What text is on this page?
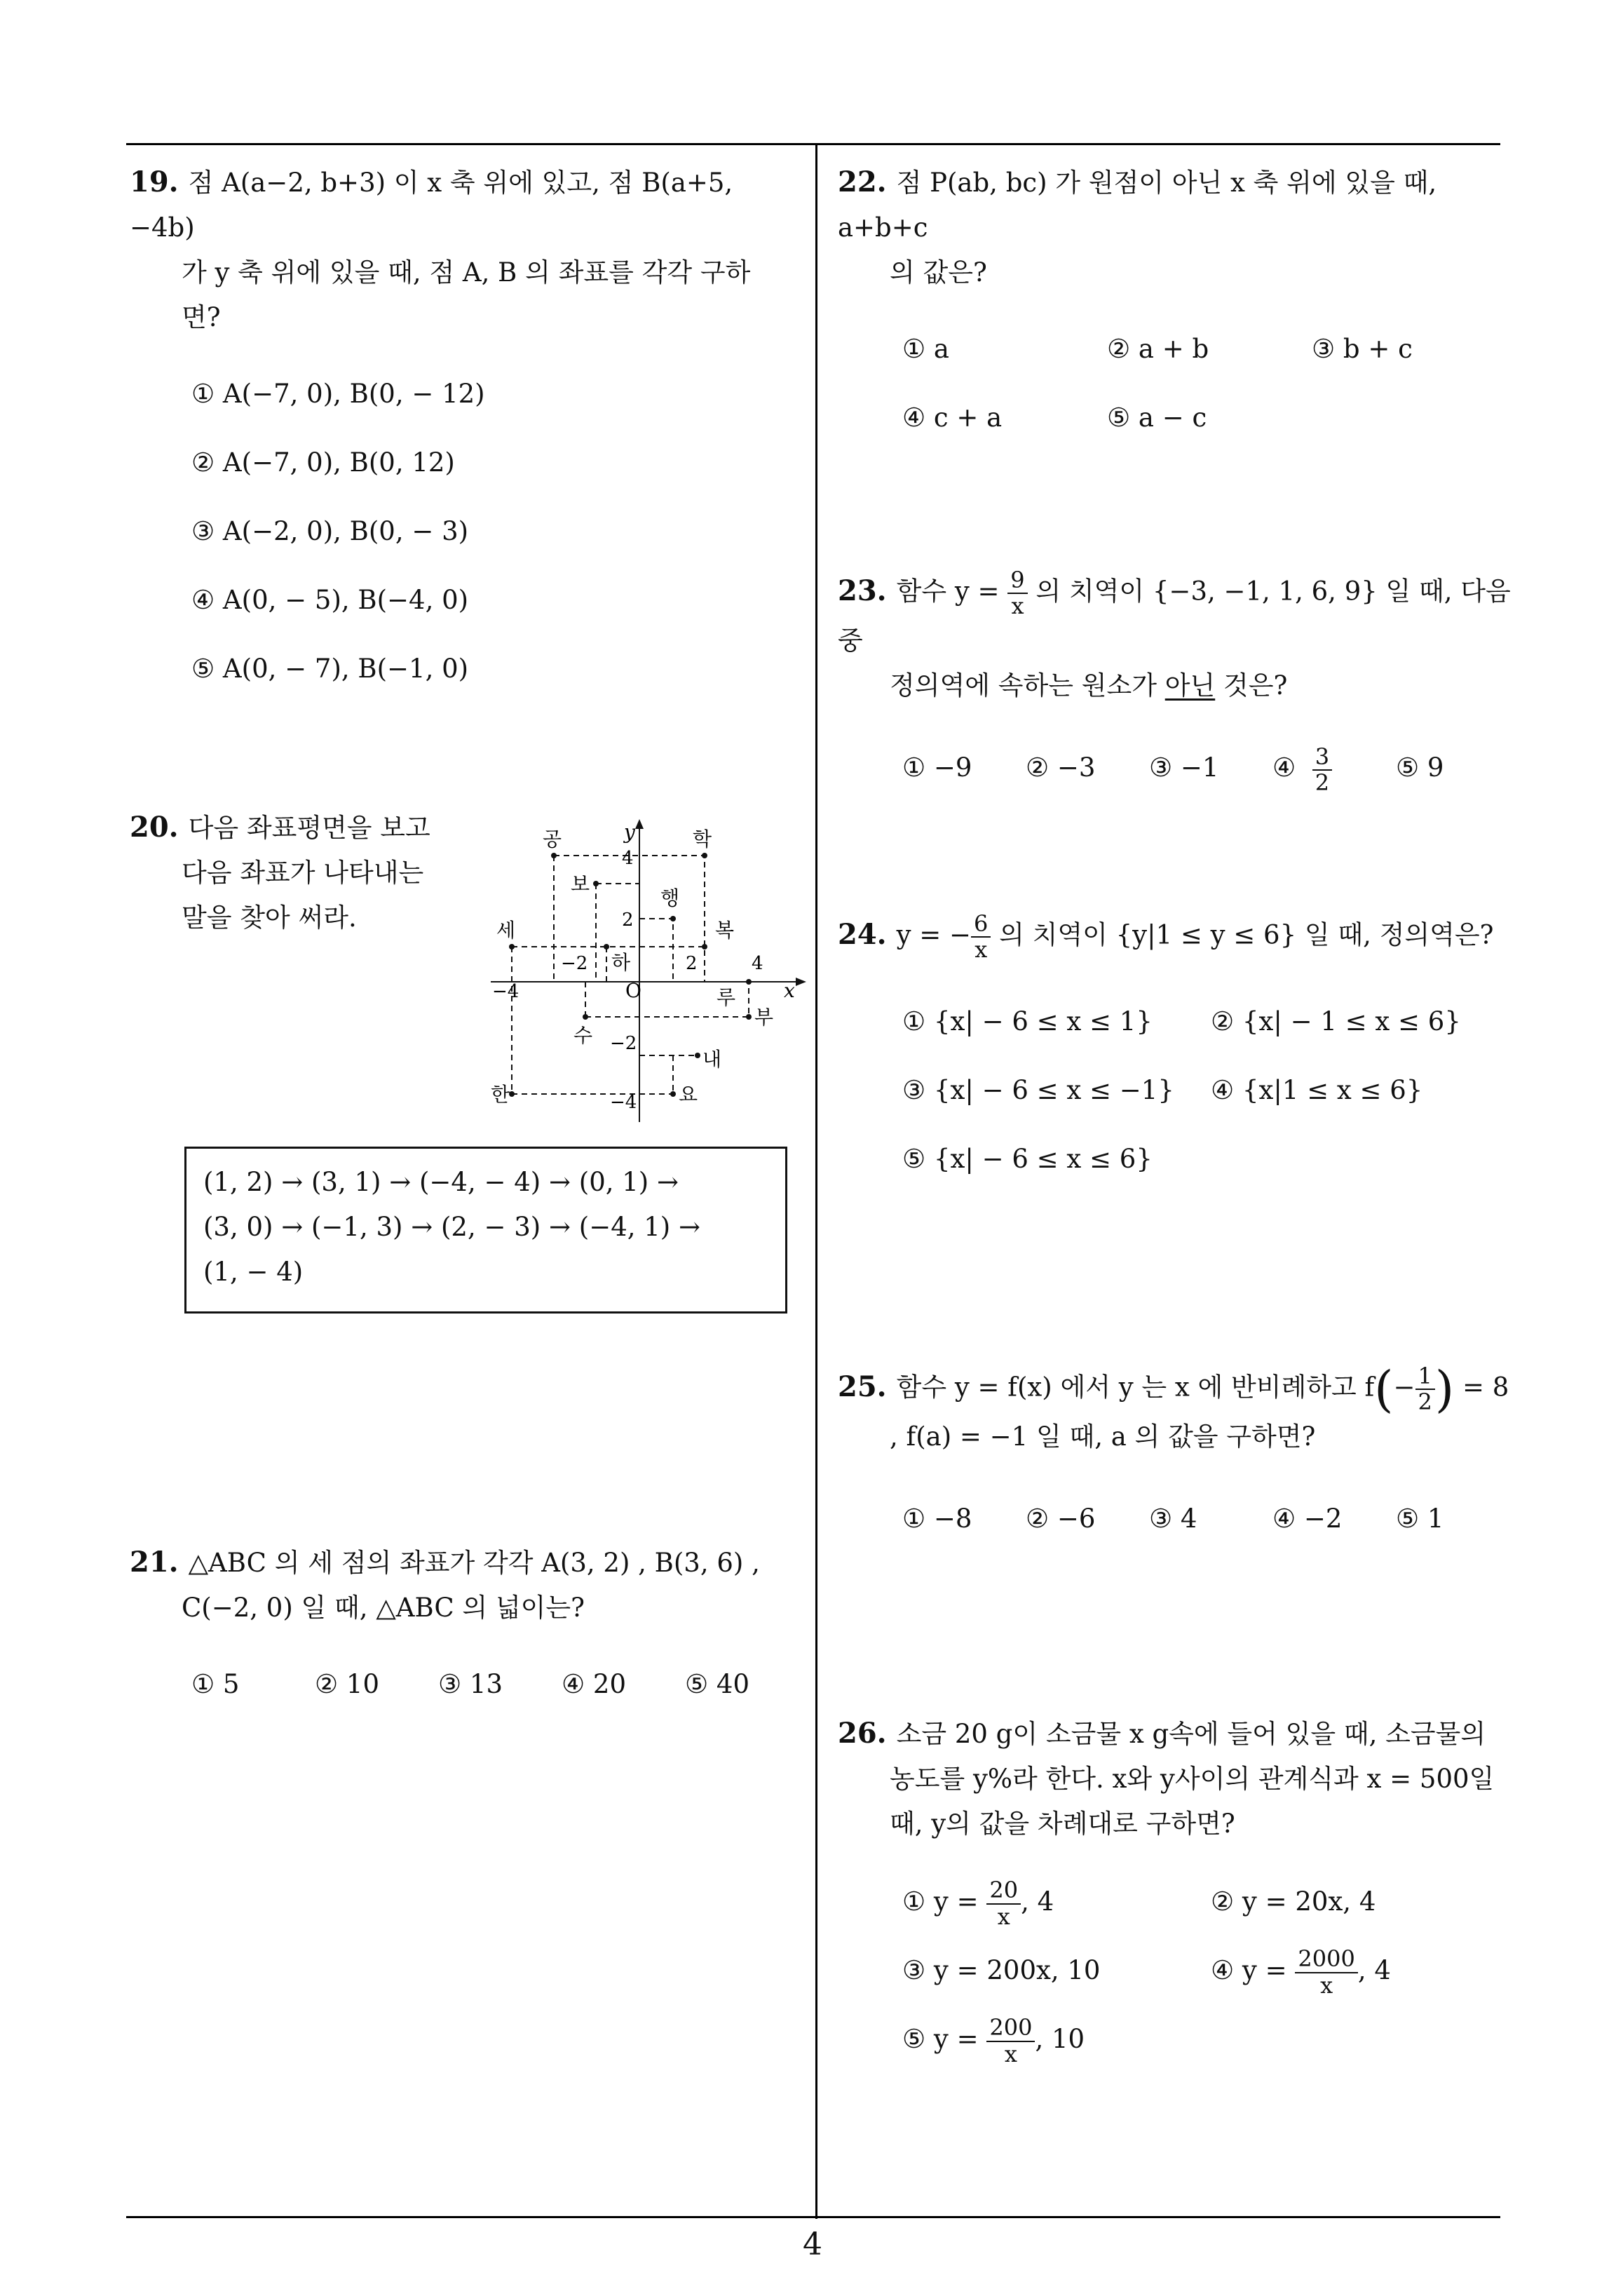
4
19. 점 A(a−2, b+3) 이 x 축 위에 있고, 점 B(a+5, −4b)
가 y 축 위에 있을 때, 점 A, B 의 좌표를 각각 구하
면?
① A(−7, 0), B(0, − 12)
② A(−7, 0), B(0, 12)
③ A(−2, 0), B(0, − 3)
④ A(0, − 5), B(−4, 0)
⑤ A(0, − 7), B(−1, 0)
20. 다음 좌표평면을 보고
다음 좌표가 나타내는
말을 찾아 써라.
x
y
O
4
2
−2	2	4
−4
−2
−4
공	학
보
행
세	복
하
루
부
수
내
한	요
(1, 2) → (3, 1) → (−4, − 4) → (0, 1) →
(3, 0) → (−1, 3) → (2, − 3) → (−4, 1) →
(1, − 4)
21. △ABC 의 세 점의 좌표가 각각 A(3, 2) , B(3, 6) ,
C(−2, 0) 일 때, △ABC 의 넓이는?
① 5	② 10	③ 13	④ 20	⑤ 40
22. 점 P(ab, bc) 가 원점이 아닌 x 축 위에 있을 때, a+b+c
의 값은?
① a	② a + b	③ b + c
④ c + a	⑤ a − c
23. 함수 $y = \frac{9}{x}$ 의 치역이 {−3, −1, 1, 6, 9} 일 때, 다음 중
정의역에 속하는 원소가 아닌 것은?
① −9	② −3	③ −1	④ $\frac{3}{2}$ ⑤ 9
24. y = − $\frac{6}{x}$ 의 치역이 {y|1 ≤ y ≤ 6} 일 때, 정의역은?
① {x| − 6 ≤ x ≤ 1}	② {x| − 1 ≤ x ≤ 6}
③ {x| − 6 ≤ x ≤ −1}	④ {x|1 ≤ x ≤ 6}
⑤ {x| − 6 ≤ x ≤ 6}
25. 함수 y = f(x) 에서 y 는 x 에 반비례하고 $f(- \frac{1}{2}$ ) = 8
, f(a) = −1 일 때, a 의 값을 구하면?
① −8	② −6	③ 4	④ −2	⑤ 1
26. 소금 20 g이 소금물 x g속에 들어 있을 때, 소금물의
농도를 y%라 한다. x와 y사이의 관계식과 x = 500일
때, y의 값을 차례대로 구하면?
① $y = \frac{20}{x}$ , 4	② y = 20x, 4
③ y = 200x, 10	④ $y = \frac{2000}{x}$ , 4
⑤ $y = \frac{200}{x}$ , 10
